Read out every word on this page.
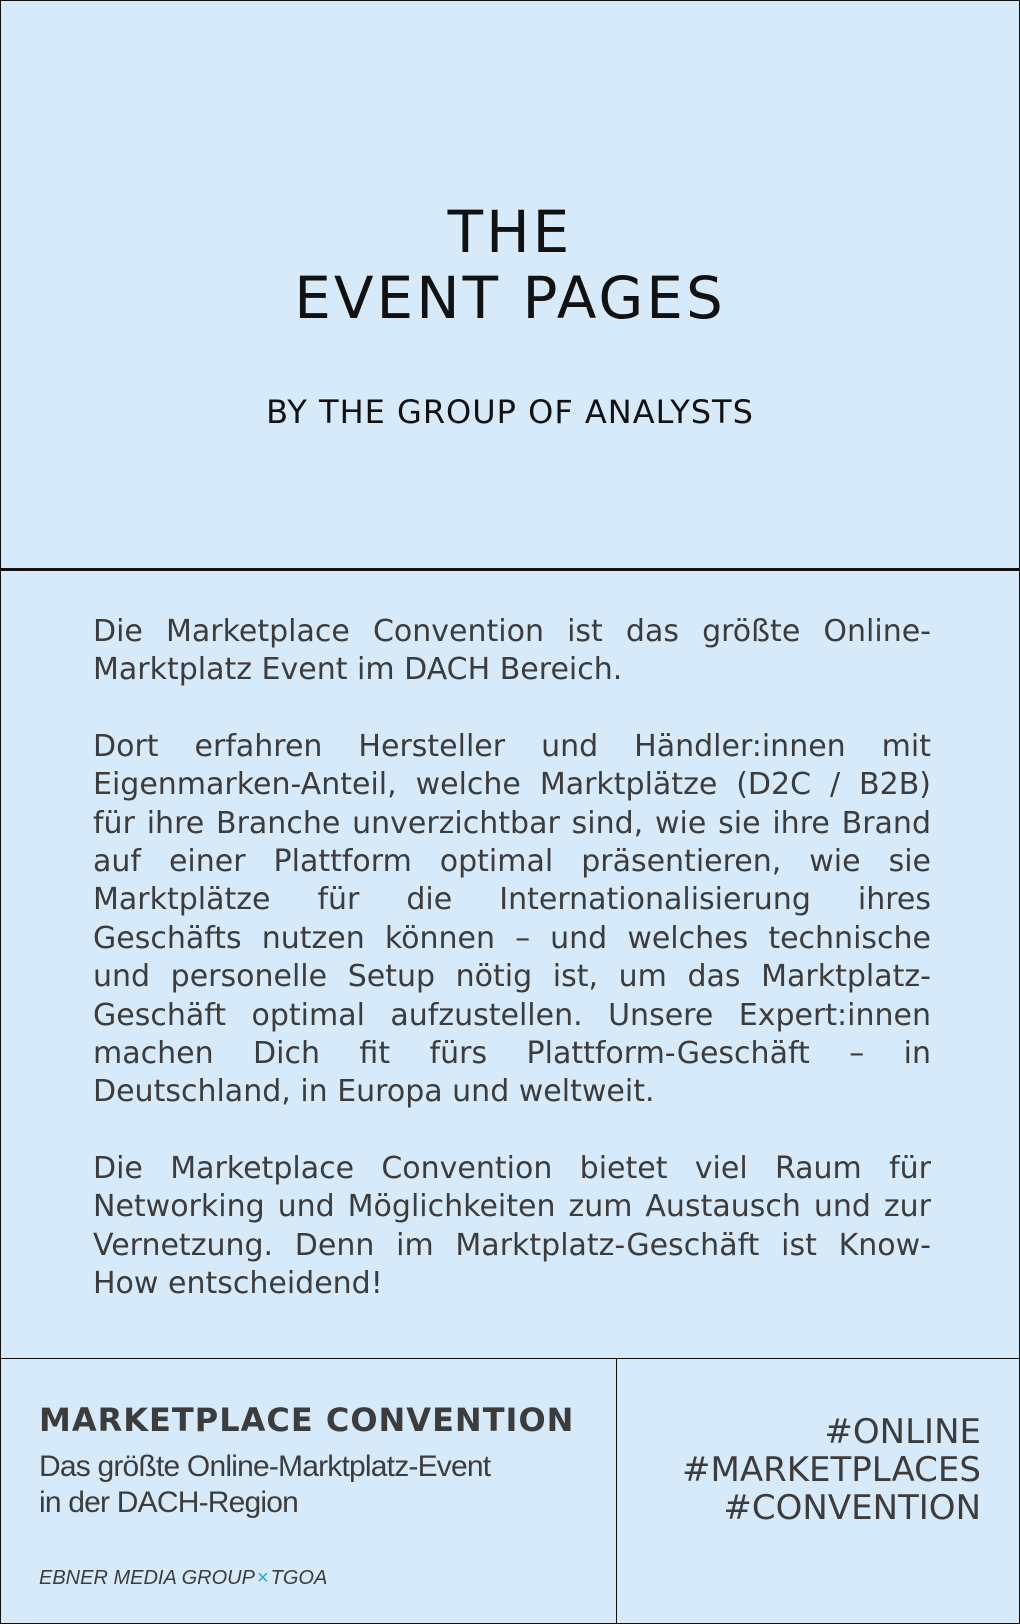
THE
EVENT PAGES
BY THE GROUP OF ANALYSTS

Die Marketplace Convention ist das größte Online-Marktplatz Event im DACH Bereich.

Dort erfahren Hersteller und Händler:innen mit Eigenmarken-Anteil, welche Marktplätze (D2C / B2B) für ihre Branche unverzichtbar sind, wie sie ihre Brand auf einer Plattform optimal präsentieren, wie sie Marktplätze für die Internationalisierung ihres Geschäfts nutzen können – und welches technische und personelle Setup nötig ist, um das Marktplatz-Geschäft optimal aufzustellen. Unsere Expert:innen machen Dich fit fürs Plattform-Geschäft – in Deutschland, in Europa und weltweit.

Die Marketplace Convention bietet viel Raum für Networking und Möglichkeiten zum Austausch und zur Vernetzung. Denn im Marktplatz-Geschäft ist Know-How entscheidend!

MARKETPLACE CONVENTION
Das größte Online-Marktplatz-Event
in der DACH-Region
EBNER MEDIA GROUP × TGOA
#ONLINE
#MARKETPLACES
#CONVENTION
